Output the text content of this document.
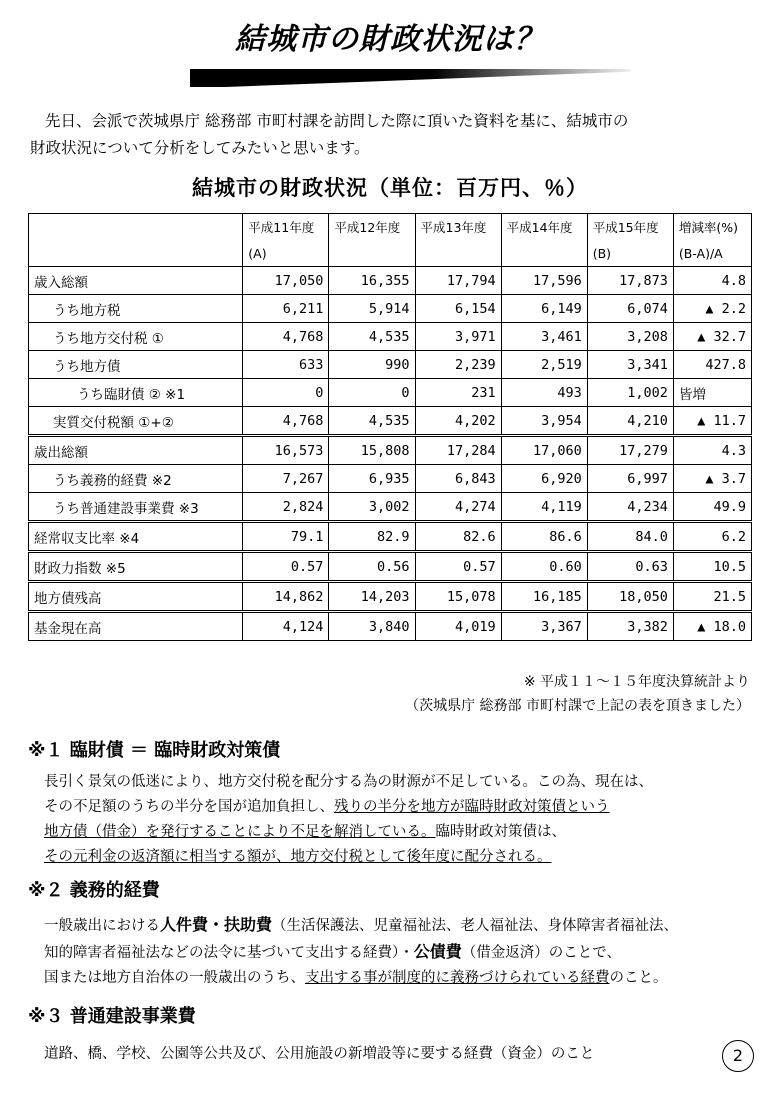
結城市の財政状況は？

先日、会派で茨城県庁 総務部 市町村課を訪問した際に頂いた資料を基に、結城市の

財政状況について分析をしてみたいと思います。
結城市の財政状況（単位：百万円、％）
	平成11年度	平成12年度	平成13年度	平成14年度	平成15年度	増減率(%)
	(A)				(B)	(B-A)/A
歳入総額	17,050	16,355	17,794	17,596	17,873	4.8
うち地方税	6,211	5,914	6,154	6,149	6,074	▲ 2.2
うち地方交付税 ①	4,768	4,535	3,971	3,461	3,208	▲ 32.7
うち地方債	633	990	2,239	2,519	3,341	427.8
うち臨財債 ② ※1	0	0	231	493	1,002	皆増
実質交付税額 ①+②	4,768	4,535	4,202	3,954	4,210	▲ 11.7
歳出総額	16,573	15,808	17,284	17,060	17,279	4.3
うち義務的経費 ※2	7,267	6,935	6,843	6,920	6,997	▲ 3.7
うち普通建設事業費 ※3	2,824	3,002	4,274	4,119	4,234	49.9
経常収支比率 ※4	79.1	82.9	82.6	86.6	84.0	6.2
財政力指数 ※5	0.57	0.56	0.57	0.60	0.63	10.5
地方債残高	14,862	14,203	15,078	16,185	18,050	21.5
基金現在高	4,124	3,840	4,019	3,367	3,382	▲ 18.0
※ 平成１１～１５年度決算統計より
（茨城県庁 総務部 市町村課で上記の表を頂きました）
※１ 臨財債 ＝ 臨時財政対策債

長引く景気の低迷により、地方交付税を配分する為の財源が不足している。この為、現在は、

その不足額のうちの半分を国が追加負担し、残りの半分を地方が臨時財政対策債という

地方債（借金）を発行することにより不足を解消している。臨時財政対策債は、

その元利金の返済額に相当する額が、地方交付税として後年度に配分される。

※２ 義務的経費

一般歳出における人件費・扶助費（生活保護法、児童福祉法、老人福祉法、身体障害者福祉法、

知的障害者福祉法などの法令に基づいて支出する経費）・公債費（借金返済）のことで、

国または地方自治体の一般歳出のうち、支出する事が制度的に義務づけられている経費のこと。

※３ 普通建設事業費

道路、橋、学校、公園等公共及び、公用施設の新増設等に要する経費（資金）のこと	2
